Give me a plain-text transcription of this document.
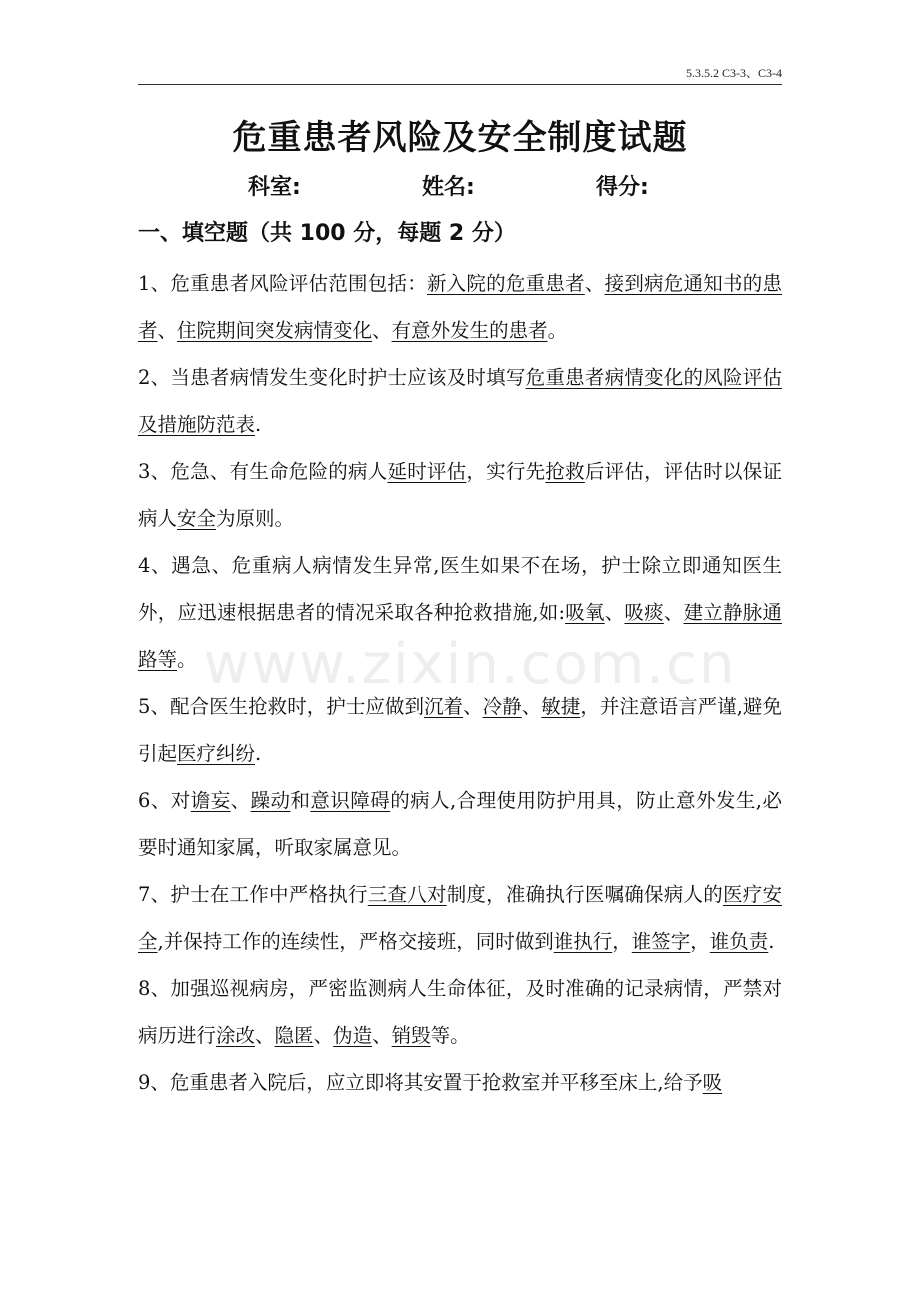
5.3.5.2 C3-3、C3-4
危重患者风险及安全制度试题
科室:	姓名:	得分:
一、填空题（共 100 分，每题 2 分）
1、危重患者风险评估范围包括：新入院的危重患者、接到病危通知书的患者、住院期间突发病情变化、有意外发生的患者。
2、当患者病情发生变化时护士应该及时填写危重患者病情变化的风险评估及措施防范表.
3、危急、有生命危险的病人延时评估，实行先抢救后评估，评估时以保证病人安全为原则。
4、遇急、危重病人病情发生异常,医生如果不在场，护士除立即通知医生外，应迅速根据患者的情况采取各种抢救措施,如:吸氧、吸痰、建立静脉通路等。
5、配合医生抢救时，护士应做到沉着、冷静、敏捷，并注意语言严谨,避免引起医疗纠纷.
6、对谵妄、躁动和意识障碍的病人,合理使用防护用具，防止意外发生,必要时通知家属，听取家属意见。
7、护士在工作中严格执行三查八对制度，准确执行医嘱确保病人的医疗安全,并保持工作的连续性，严格交接班，同时做到谁执行，谁签字，谁负责.
8、加强巡视病房，严密监测病人生命体征，及时准确的记录病情，严禁对病历进行涂改、隐匿、伪造、销毁等。
9、危重患者入院后，应立即将其安置于抢救室并平移至床上,给予吸
www.zixin.com.cn
